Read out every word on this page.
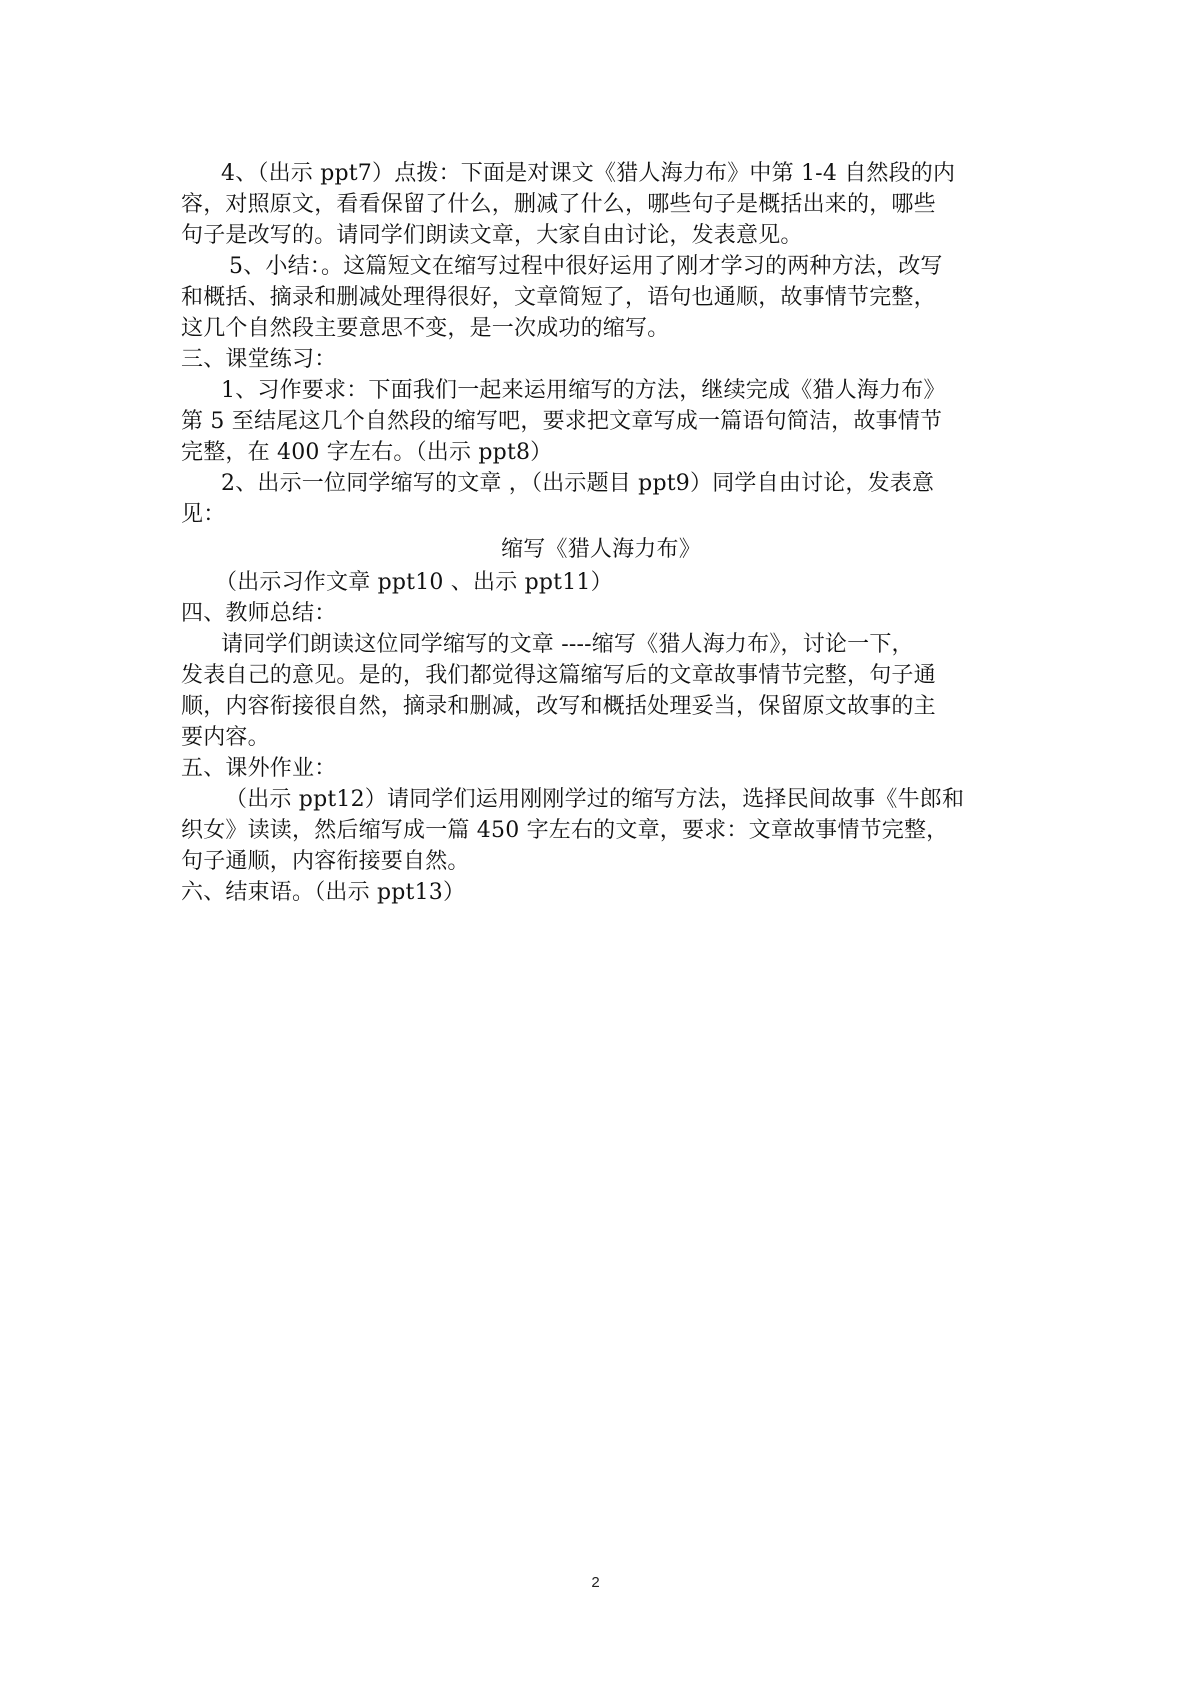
4、（出示 ppt7）点拨：下面是对课文《猎人海力布》中第 1-4 自然段的内
容，对照原文，看看保留了什么，删减了什么，哪些句子是概括出来的，哪些
句子是改写的。请同学们朗读文章，大家自由讨论，发表意见。
5、小结：。这篇短文在缩写过程中很好运用了刚才学习的两种方法，改写
和概括、摘录和删减处理得很好，文章简短了，语句也通顺，故事情节完整，
这几个自然段主要意思不变，是一次成功的缩写。
三、课堂练习：
1、习作要求：下面我们一起来运用缩写的方法，继续完成《猎人海力布》
第 5 至结尾这几个自然段的缩写吧，要求把文章写成一篇语句简洁，故事情节
完整，在 400 字左右。（出示 ppt8）
2、出示一位同学缩写的文章 ，（出示题目 ppt9）同学自由讨论，发表意
见：
缩写《猎人海力布》
（出示习作文章 ppt10 、出示 ppt11）
四、教师总结：
请同学们朗读这位同学缩写的文章 ----缩写《猎人海力布》，讨论一下，
发表自己的意见。是的，我们都觉得这篇缩写后的文章故事情节完整，句子通
顺，内容衔接很自然，摘录和删减，改写和概括处理妥当，保留原文故事的主
要内容。
五、课外作业：
（出示 ppt12）请同学们运用刚刚学过的缩写方法，选择民间故事《牛郎和
织女》读读，然后缩写成一篇 450 字左右的文章，要求：文章故事情节完整，
句子通顺，内容衔接要自然。
六、结束语。（出示 ppt13）
2
